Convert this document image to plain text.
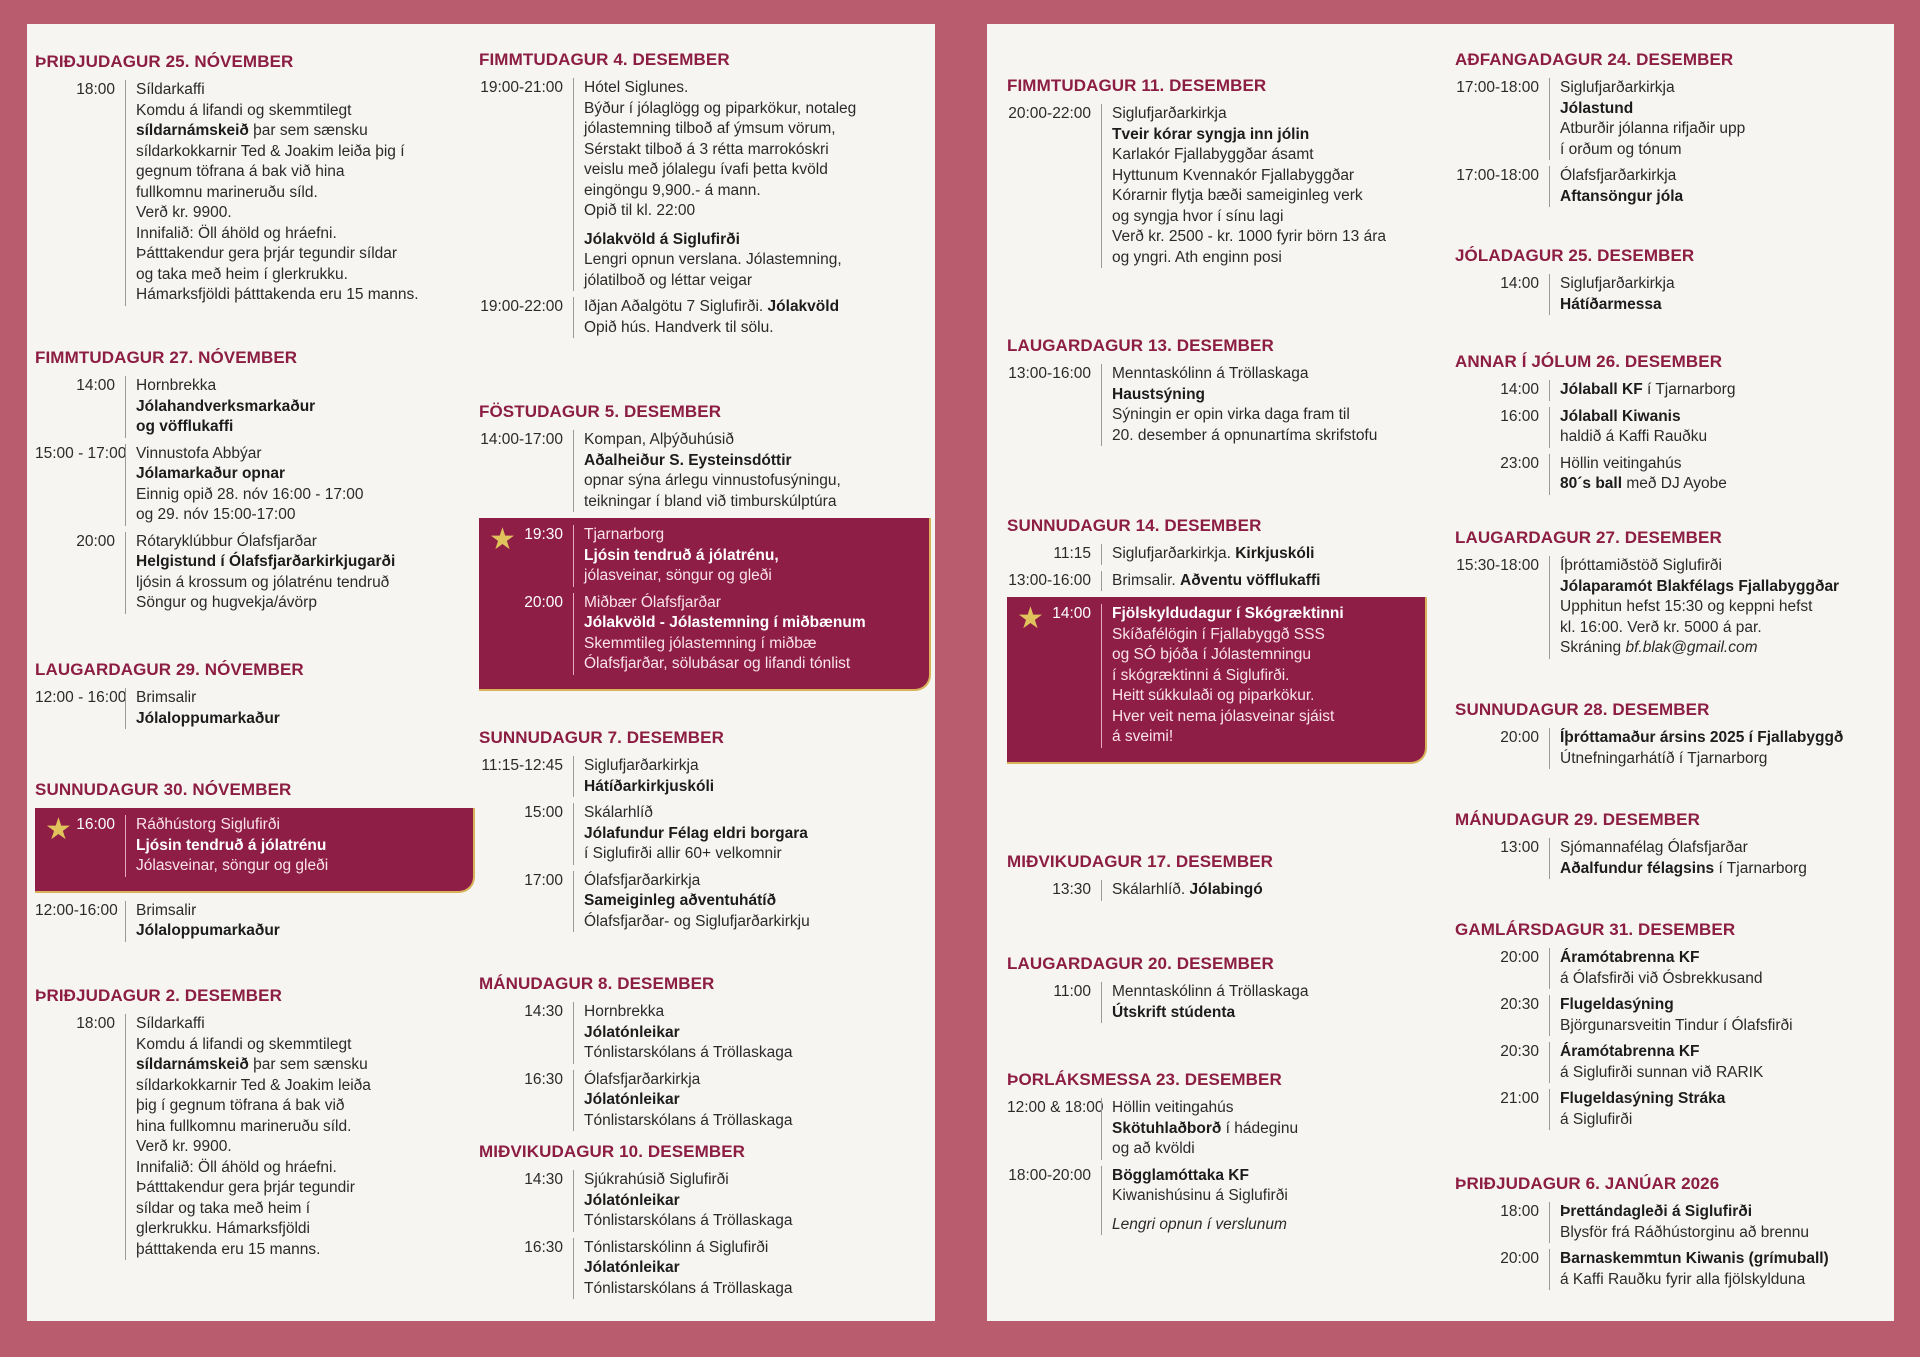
ÞRIÐJUDAGUR 25. NÓVEMBER
18:00	Síldarkaffi
Komdu á lifandi og skemmtilegt
síldarnámskeið þar sem sænsku
síldarkokkarnir Ted & Joakim leiða þig í
gegnum töfrana á bak við hina
fullkomnu marineruðu síld.
Verð kr. 9900.
Innifalið: Öll áhöld og hráefni.
Þátttakendur gera þrjár tegundir síldar
og taka með heim í glerkrukku.
Hámarksfjöldi þátttakenda eru 15 manns.
FIMMTUDAGUR 27. NÓVEMBER
14:00	Hornbrekka
Jólahandverksmarkaður
og vöfflukaffi
15:00 - 17:00 Vinnustofa Abbýar
Jólamarkaður opnar
Einnig opið 28. nóv 16:00 - 17:00
og 29. nóv 15:00-17:00
20:00	Rótaryklúbbur Ólafsfjarðar
Helgistund í Ólafsfjarðarkirkjugarði
ljósin á krossum og jólatrénu tendruð
Söngur og hugvekja/ávörp
LAUGARDAGUR 29. NÓVEMBER
12:00 - 16:00 Brimsalir
Jólaloppumarkaður
SUNNUDAGUR 30. NÓVEMBER
16:00	Ráðhústorg Siglufirði
Ljósin tendruð á jólatrénu
Jólasveinar, söngur og gleði
★
12:00-16:00	Brimsalir
Jólaloppumarkaður
ÞRIÐJUDAGUR 2. DESEMBER
18:00	Síldarkaffi
Komdu á lifandi og skemmtilegt
síldarnámskeið þar sem sænsku
síldarkokkarnir Ted & Joakim leiða
þig í gegnum töfrana á bak við
hina fullkomnu marineruðu síld.
Verð kr. 9900.
Innifalið: Öll áhöld og hráefni.
Þátttakendur gera þrjár tegundir
síldar og taka með heim í
glerkrukku. Hámarksfjöldi
þátttakenda eru 15 manns.
FIMMTUDAGUR 4. DESEMBER
19:00-21:00	Hótel Siglunes.
Býður í jólaglögg og piparkökur, notaleg
jólastemning tilboð af ýmsum vörum,
Sérstakt tilboð á 3 rétta marrokóskri
veislu með jólalegu ívafi þetta kvöld
eingöngu 9,900.- á mann.
Opið til kl. 22:00
Jólakvöld á Siglufirði
Lengri opnun verslana. Jólastemning,
jólatilboð og léttar veigar
19:00-22:00	Iðjan Aðalgötu 7 Siglufirði. Jólakvöld
Opið hús. Handverk til sölu.
FÖSTUDAGUR 5. DESEMBER
14:00-17:00	Kompan, Alþýðuhúsið
Aðalheiður S. Eysteinsdóttir
opnar sýna árlegu vinnustofusýningu,
teikningar í bland við timburskúlptúra
19:30	Tjarnarborg
Ljósin tendruð á jólatrénu,
jólasveinar, söngur og gleði
★
20:00	Miðbær Ólafsfjarðar
Jólakvöld - Jólastemning í miðbænum
Skemmtileg jólastemning í miðbæ
Ólafsfjarðar, sölubásar og lifandi tónlist
SUNNUDAGUR 7. DESEMBER
11:15-12:45	Siglufjarðarkirkja
Hátíðarkirkjuskóli
15:00	Skálarhlíð
Jólafundur Félag eldri borgara
í Siglufirði allir 60+ velkomnir
17:00	Ólafsfjarðarkirkja
Sameiginleg aðventuhátíð
Ólafsfjarðar- og Siglufjarðarkirkju
MÁNUDAGUR 8. DESEMBER
14:30	Hornbrekka
Jólatónleikar
Tónlistarskólans á Tröllaskaga
16:30	Ólafsfjarðarkirkja
Jólatónleikar
Tónlistarskólans á Tröllaskaga
MIÐVIKUDAGUR 10. DESEMBER
14:30	Sjúkrahúsið Siglufirði
Jólatónleikar
Tónlistarskólans á Tröllaskaga
16:30	Tónlistarskólinn á Siglufirði
Jólatónleikar
Tónlistarskólans á Tröllaskaga
FIMMTUDAGUR 11. DESEMBER
20:00-22:00	Siglufjarðarkirkja
Tveir kórar syngja inn jólin
Karlakór Fjallabyggðar ásamt
Hyttunum Kvennakór Fjallabyggðar
Kórarnir flytja bæði sameiginleg verk
og syngja hvor í sínu lagi
Verð kr. 2500 - kr. 1000 fyrir börn 13 ára
og yngri. Ath enginn posi
LAUGARDAGUR 13. DESEMBER
13:00-16:00	Menntaskólinn á Tröllaskaga
Haustsýning
Sýningin er opin virka daga fram til
20. desember á opnunartíma skrifstofu
SUNNUDAGUR 14. DESEMBER
11:15	Siglufjarðarkirkja. Kirkjuskóli
13:00-16:00	Brimsalir. Aðventu vöfflukaffi
14:00	Fjölskyldudagur í Skógræktinni
Skíðafélögin í Fjallabyggð SSS
og SÓ bjóða í Jólastemningu
í skógræktinni á Siglufirði.
Heitt súkkulaði og piparkökur.
Hver veit nema jólasveinar sjáist
á sveimi!
★
MIÐVIKUDAGUR 17. DESEMBER
13:30	Skálarhlíð. Jólabingó
LAUGARDAGUR 20. DESEMBER
11:00	Menntaskólinn á Tröllaskaga
Útskrift stúdenta
ÞORLÁKSMESSA 23. DESEMBER
12:00 & 18:00 Höllin veitingahús
Skötuhlaðborð í hádeginu
og að kvöldi
18:00-20:00	Bögglamóttaka KF
Kiwanishúsinu á Siglufirði
Lengri opnun í verslunum
AÐFANGADAGUR 24. DESEMBER
17:00-18:00	Siglufjarðarkirkja
Jólastund
Atburðir jólanna rifjaðir upp
í orðum og tónum
17:00-18:00	Ólafsfjarðarkirkja
Aftansöngur jóla
JÓLADAGUR 25. DESEMBER
14:00	Siglufjarðarkirkja
Hátíðarmessa
ANNAR Í JÓLUM 26. DESEMBER
14:00	Jólaball KF í Tjarnarborg
16:00	Jólaball Kiwanis
haldið á Kaffi Rauðku
23:00	Höllin veitingahús
80´s ball með DJ Ayobe
LAUGARDAGUR 27. DESEMBER
15:30-18:00	Íþróttamiðstöð Siglufirði
Jólaparamót Blakfélags Fjallabyggðar
Upphitun hefst 15:30 og keppni hefst
kl. 16:00. Verð kr. 5000 á par.
Skráning bf.blak@gmail.com
SUNNUDAGUR 28. DESEMBER
20:00	Íþróttamaður ársins 2025 í Fjallabyggð
Útnefningarhátíð í Tjarnarborg
MÁNUDAGUR 29. DESEMBER
13:00	Sjómannafélag Ólafsfjarðar
Aðalfundur félagsins í Tjarnarborg
GAMLÁRSDAGUR 31. DESEMBER
20:00	Áramótabrenna KF
á Ólafsfirði við Ósbrekkusand
20:30	Flugeldasýning
Björgunarsveitin Tindur í Ólafsfirði
20:30	Áramótabrenna KF
á Siglufirði sunnan við RARIK
21:00	Flugeldasýning Stráka
á Siglufirði
ÞRIÐJUDAGUR 6. JANÚAR 2026
18:00	Þrettándagleði á Siglufirði
Blysför frá Ráðhústorginu að brennu
20:00	Barnaskemmtun Kiwanis (grímuball)
á Kaffi Rauðku fyrir alla fjölskylduna
